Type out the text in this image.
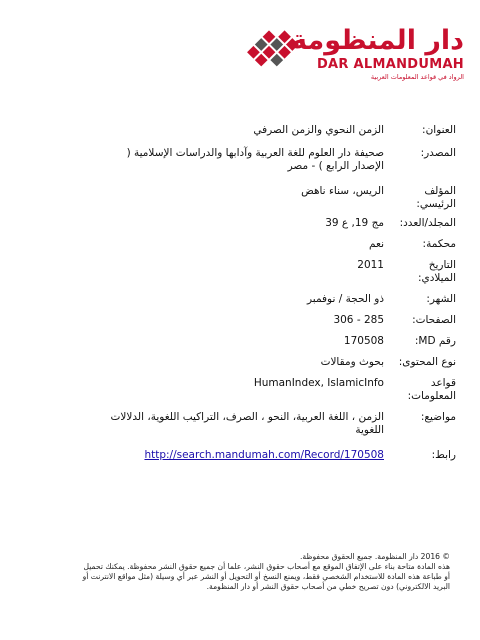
دار المنظومة
DAR ALMANDUMAH
الرواد في قواعد المعلومات العربية
العنوان:
الزمن النحوي والزمن الصرفي
المصدر:
صحيفة دار العلوم للغة العربية وآدابها والدراسات الإسلامية ( الإصدار الرابع ) - مصر
المؤلف الرئيسي:
الريس، سناء ناهض
المجلد/العدد:
مج 19, ع 39
محكمة:
نعم
التاريخ الميلادي:
2011
الشهر:
ذو الحجة / نوفمبر
الصفحات:
285 - 306
رقم MD:
170508
نوع المحتوى:
بحوث ومقالات
قواعد المعلومات:
HumanIndex, IslamicInfo
مواضيع:
الزمن ، اللغة العربية، النحو ، الصرف، التراكيب اللغوية، الدلالات اللغوية
رابط:
http://search.mandumah.com/Record/170508
© 2016 دار المنظومة. جميع الحقوق محفوظة.
هذه المادة متاحة بناء على الإتفاق الموقع مع أصحاب حقوق النشر، علما أن جميع حقوق النشر محفوظة. يمكنك تحميل أو طباعة هذه المادة للاستخدام الشخصي فقط، ويمنع النسخ أو التحويل أو النشر عبر أي وسيلة (مثل مواقع الانترنت أو البريد الالكتروني) دون تصريح خطي من أصحاب حقوق النشر أو دار المنظومة.
